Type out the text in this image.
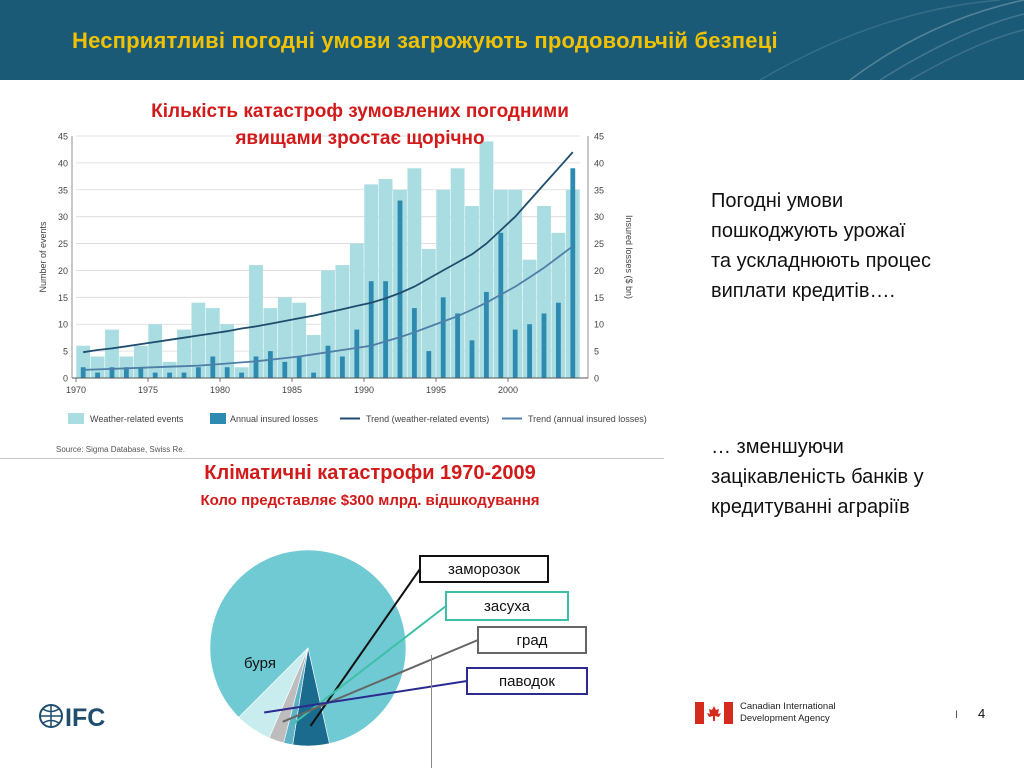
Несприятливі погодні умови загрожують продовольчій безпеці
Кількість катастроф зумовлених погодними
явищами зростає щорічно
0	0
5	5
10	10
15	15
20	20
25	25
30	30
35	35
40	40
45	45
Number of events	Insured losses ($ bn)
1970	1975	1980	1985	1990	1995	2000
Weather-related events	Annual insured losses	Trend (weather-related events)	Trend (annual insured losses)
Source: Sigma Database, Swiss Re.
Кліматичні катастрофи 1970-2009
Коло представляє $300 млрд. відшкодування
буря
заморозок
засуха
град
паводок
Погодні умови пошкоджують урожаї та ускладнюють процес виплати кредитів….
… зменшуючи зацікавленість банків у кредитуванні аграріїв
IFC	Canadian International
Development Agency	I 4
